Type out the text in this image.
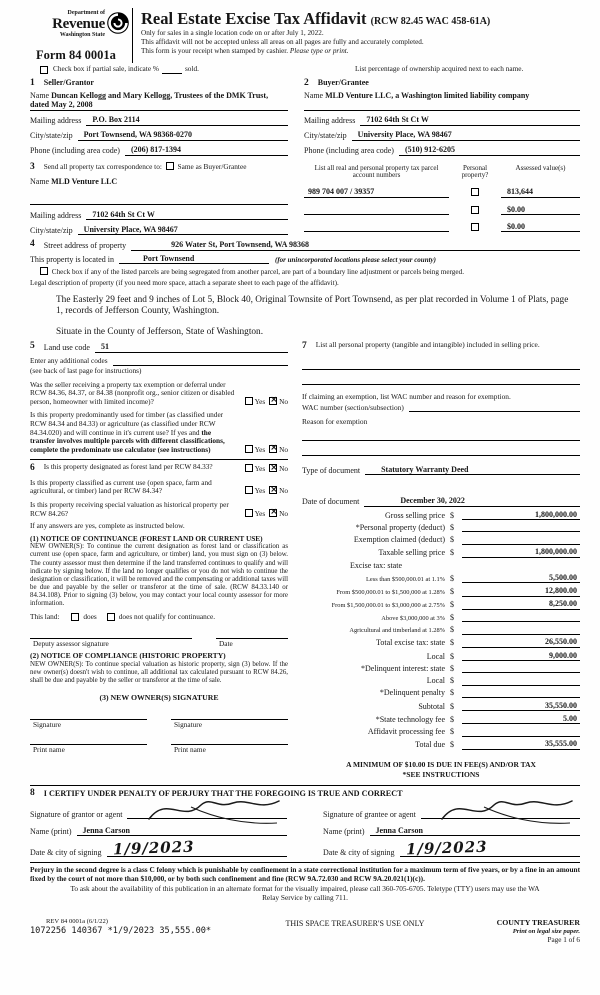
Department of
Revenue
Washington State
Form 84 0001a
Real Estate Excise Tax Affidavit (RCW 82.45 WAC 458-61A)
Only for sales in a single location code on or after July 1, 2022.
This affidavit will not be accepted unless all areas on all pages are fully and accurately completed.
This form is your receipt when stamped by cashier. Please type or print.
Check box if partial sale, indicate %	sold.	List percentage of ownership acquired next to each name.
1 Seller/Grantor
Name Duncan Kellogg and Mary Kellogg, Trustees of the DMK Trust, dated May 2, 2008
Mailing address	P.O. Box 2114
City/state/zip	Port Townsend, WA 98368-0270
Phone (including area code)	(206) 817-1394
2 Buyer/Grantee
Name MLD Venture LLC, a Washington limited liability company
Mailing address	7102 64th St Ct W
City/state/zip	University Place, WA 98467
Phone (including area code)	(510) 912-6205
3 Send all property tax correspondence to: Same as Buyer/Grantee
Name MLD Venture LLC
Mailing address	7102 64th St Ct W
City/state/zip	University Place, WA 98467
List all real and personal property tax parcel account numbers
Personal property?
Assessed value(s)
989 704 007 / 39357	813,644
$0.00
$0.00
4	Street address of property	926 Water St, Port Townsend, WA 98368
This property is located in	Port Townsend	(for unincorporated locations please select your county)
Check box if any of the listed parcels are being segregated from another parcel, are part of a boundary line adjustment or parcels being merged.
Legal description of property (if you need more space, attach a separate sheet to each page of the affidavit).
The Easterly 29 feet and 9 inches of Lot 5, Block 40, Original Townsite of Port Townsend, as per plat recorded in Volume 1 of Plats, page 1, records of Jefferson County, Washington.
Situate in the County of Jefferson, State of Washington.
5	Land use code	51
Enter any additional codes
(see back of last page for instructions)
Was the seller receiving a property tax exemption or deferral under RCW 84.36, 84.37, or 84.38 (nonprofit org., senior citizen or disabled person, homeowner with limited income)?	Yes × No
Is this property predominantly used for timber (as classified under RCW 84.34 and 84.33) or agriculture (as classified under RCW 84.34.020) and will continue in it's current use? If yes and the transfer involves multiple parcels with different classifications, complete the predominate use calculator (see instructions)	Yes × No
6	Is this property designated as forest land per RCW 84.33?	Yes × No
Is this property classified as current use (open space, farm and agricultural, or timber) land per RCW 84.34?	Yes × No
Is this property receiving special valuation as historical property per RCW 84.26?	Yes × No
If any answers are yes, complete as instructed below.
(1) NOTICE OF CONTINUANCE (FOREST LAND OR CURRENT USE)
NEW OWNER(S): To continue the current designation as forest land or classification as current use (open space, farm and agriculture, or timber) land, you must sign on (3) below. The county assessor must then determine if the land transferred continues to qualify and will indicate by signing below. If the land no longer qualifies or you do not wish to continue the designation or classification, it will be removed and the compensating or additional taxes will be due and payable by the seller or transferor at the time of sale. (RCW 84.33.140 or 84.34.108). Prior to signing (3) below, you may contact your local county assessor for more information.
This land:	does	does not qualify for continuance.
Deputy assessor signature	Date
(2) NOTICE OF COMPLIANCE (HISTORIC PROPERTY)
NEW OWNER(S): To continue special valuation as historic property, sign (3) below. If the new owner(s) doesn't wish to continue, all additional tax calculated pursuant to RCW 84.26, shall be due and payable by the seller or transferor at the time of sale.
(3) NEW OWNER(S) SIGNATURE
Signature	Signature
Print name	Print name
7	List all personal property (tangible and intangible) included in selling price.
If claiming an exemption, list WAC number and reason for exemption.
WAC number (section/subsection)
Reason for exemption
Type of document	Statutory Warranty Deed
Date of document	December 30, 2022
Gross selling price $	1,800,000.00
*Personal property (deduct) $
Exemption claimed (deduct) $
Taxable selling price $	1,800,000.00
Excise tax: state
Less than $500,000.01 at 1.1% $	5,500.00
From $500,000.01 to $1,500,000 at 1.28% $	12,800.00
From $1,500,000.01 to $3,000,000 at 2.75% $	8,250.00
Above $3,000,000 at 3% $
Agricultural and timberland at 1.28% $
Total excise tax: state $	26,550.00
Local $	9,000.00
*Delinquent interest: state $
Local $
*Delinquent penalty $
Subtotal $	35,550.00
*State technology fee $	5.00
Affidavit processing fee $
Total due $	35,555.00
A MINIMUM OF $10.00 IS DUE IN FEE(S) AND/OR TAX
*SEE INSTRUCTIONS
8	I CERTIFY UNDER PENALTY OF PERJURY THAT THE FOREGOING IS TRUE AND CORRECT
Signature of grantor or agent
Name (print)	Jenna Carson
Date & city of signing 1/9/2023
Signature of grantee or agent
Name (print)	Jenna Carson
Date & city of signing 1/9/2023
Perjury in the second degree is a class C felony which is punishable by confinement in a state correctional institution for a maximum term of five years, or by a fine in an amount fixed by the court of not more than $10,000, or by both such confinement and fine (RCW 9A.72.030 and RCW 9A.20.021(1)(c)).
To ask about the availability of this publication in an alternate format for the visually impaired, please call 360-705-6705. Teletype (TTY) users may use the WA Relay Service by calling 711.
REV 84 0001a (6/1/22)
1072256 140367 *1/9/2023 35,555.00*
THIS SPACE TREASURER'S USE ONLY	COUNTY TREASURER
Print on legal size paper.
Page 1 of 6
